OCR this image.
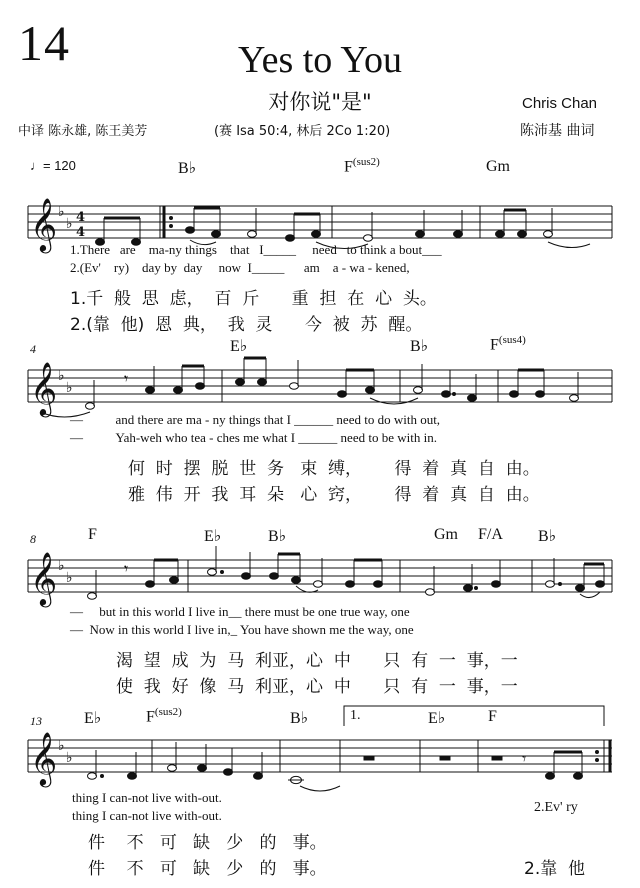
14	Yes to You
对你说"是"
中译 陈永雄, 陈王美芳	(赛 Isa 50:4, 林后 2Co 1:20)
Chris Chan
陈沛基 曲词
♩= 120	B♭	$F^{(sus2)}$	Gm
𝄞 ♭
♭ 4
4
1.There are ma-ny things that I_____     need to think a bout___
2.(Ev' ry) day by day now I_____      am a - wa - kened,
1.千  般  思  虑，  百  斤      重  担  在  心  头。
2.(靠  他)  恩  典，  我  灵      今  被  苏  醒。
4	E♭	B♭	$F^{(sus4)}$
𝄞 ♭
♭	𝄾
—          and there are ma - ny things that I ______ need to do with out,
—          Yah-weh who tea - ches me what I ______ need to be with in.
何  时  摆  脱  世  务   束  缚，      得  着  真  自  由。
雅  伟  开  我  耳  朵   心  窍，      得  着  真  自  由。
8	F	E♭	B♭	Gm F/A B♭
𝄞 ♭
♭	𝄾
—     but in this world I live in__ there must be one true way, one
—  Now in this world I live in,_ You have shown me the way, one
渴  望  成  为  马  利亚，心  中      只  有  一  事，一
使  我  好  像  马  利亚，心  中      只  有  一  事，一
13	E♭	$F^{(sus2)}$	B♭	E♭	F
1.
𝄞 ♭
♭	𝄾
thing I can-not live with-out.
thing I can-not live with-out.
2.Ev' ry
件    不   可   缺   少   的   事。
件    不   可   缺   少   的   事。	2.靠  他
